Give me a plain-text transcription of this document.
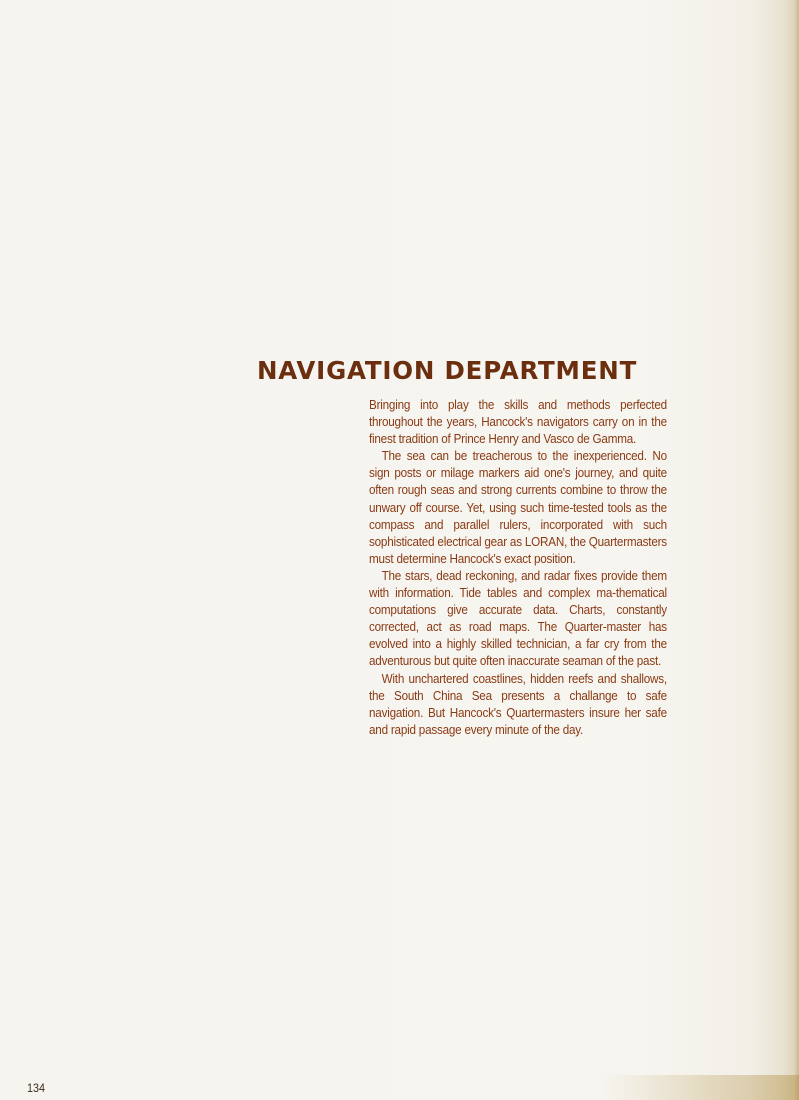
NAVIGATION DEPARTMENT

Bringing into play the skills and methods perfected throughout the years, Hancock's navigators carry on in the finest tradition of Prince Henry and Vasco de Gamma.

The sea can be treacherous to the inexperienced. No sign posts or milage markers aid one's journey, and quite often rough seas and strong currents combine to throw the unwary off course. Yet, using such time-tested tools as the compass and parallel rulers, incorporated with such sophisticated electrical gear as LORAN, the Quartermasters must determine Hancock's exact position.

The stars, dead reckoning, and radar fixes provide them with information. Tide tables and complex ma-thematical computations give accurate data. Charts, constantly corrected, act as road maps. The Quarter-master has evolved into a highly skilled technician, a far cry from the adventurous but quite often inaccurate seaman of the past.

With unchartered coastlines, hidden reefs and shallows, the South China Sea presents a challange to safe navigation. But Hancock's Quartermasters insure her safe and rapid passage every minute of the day.

134
